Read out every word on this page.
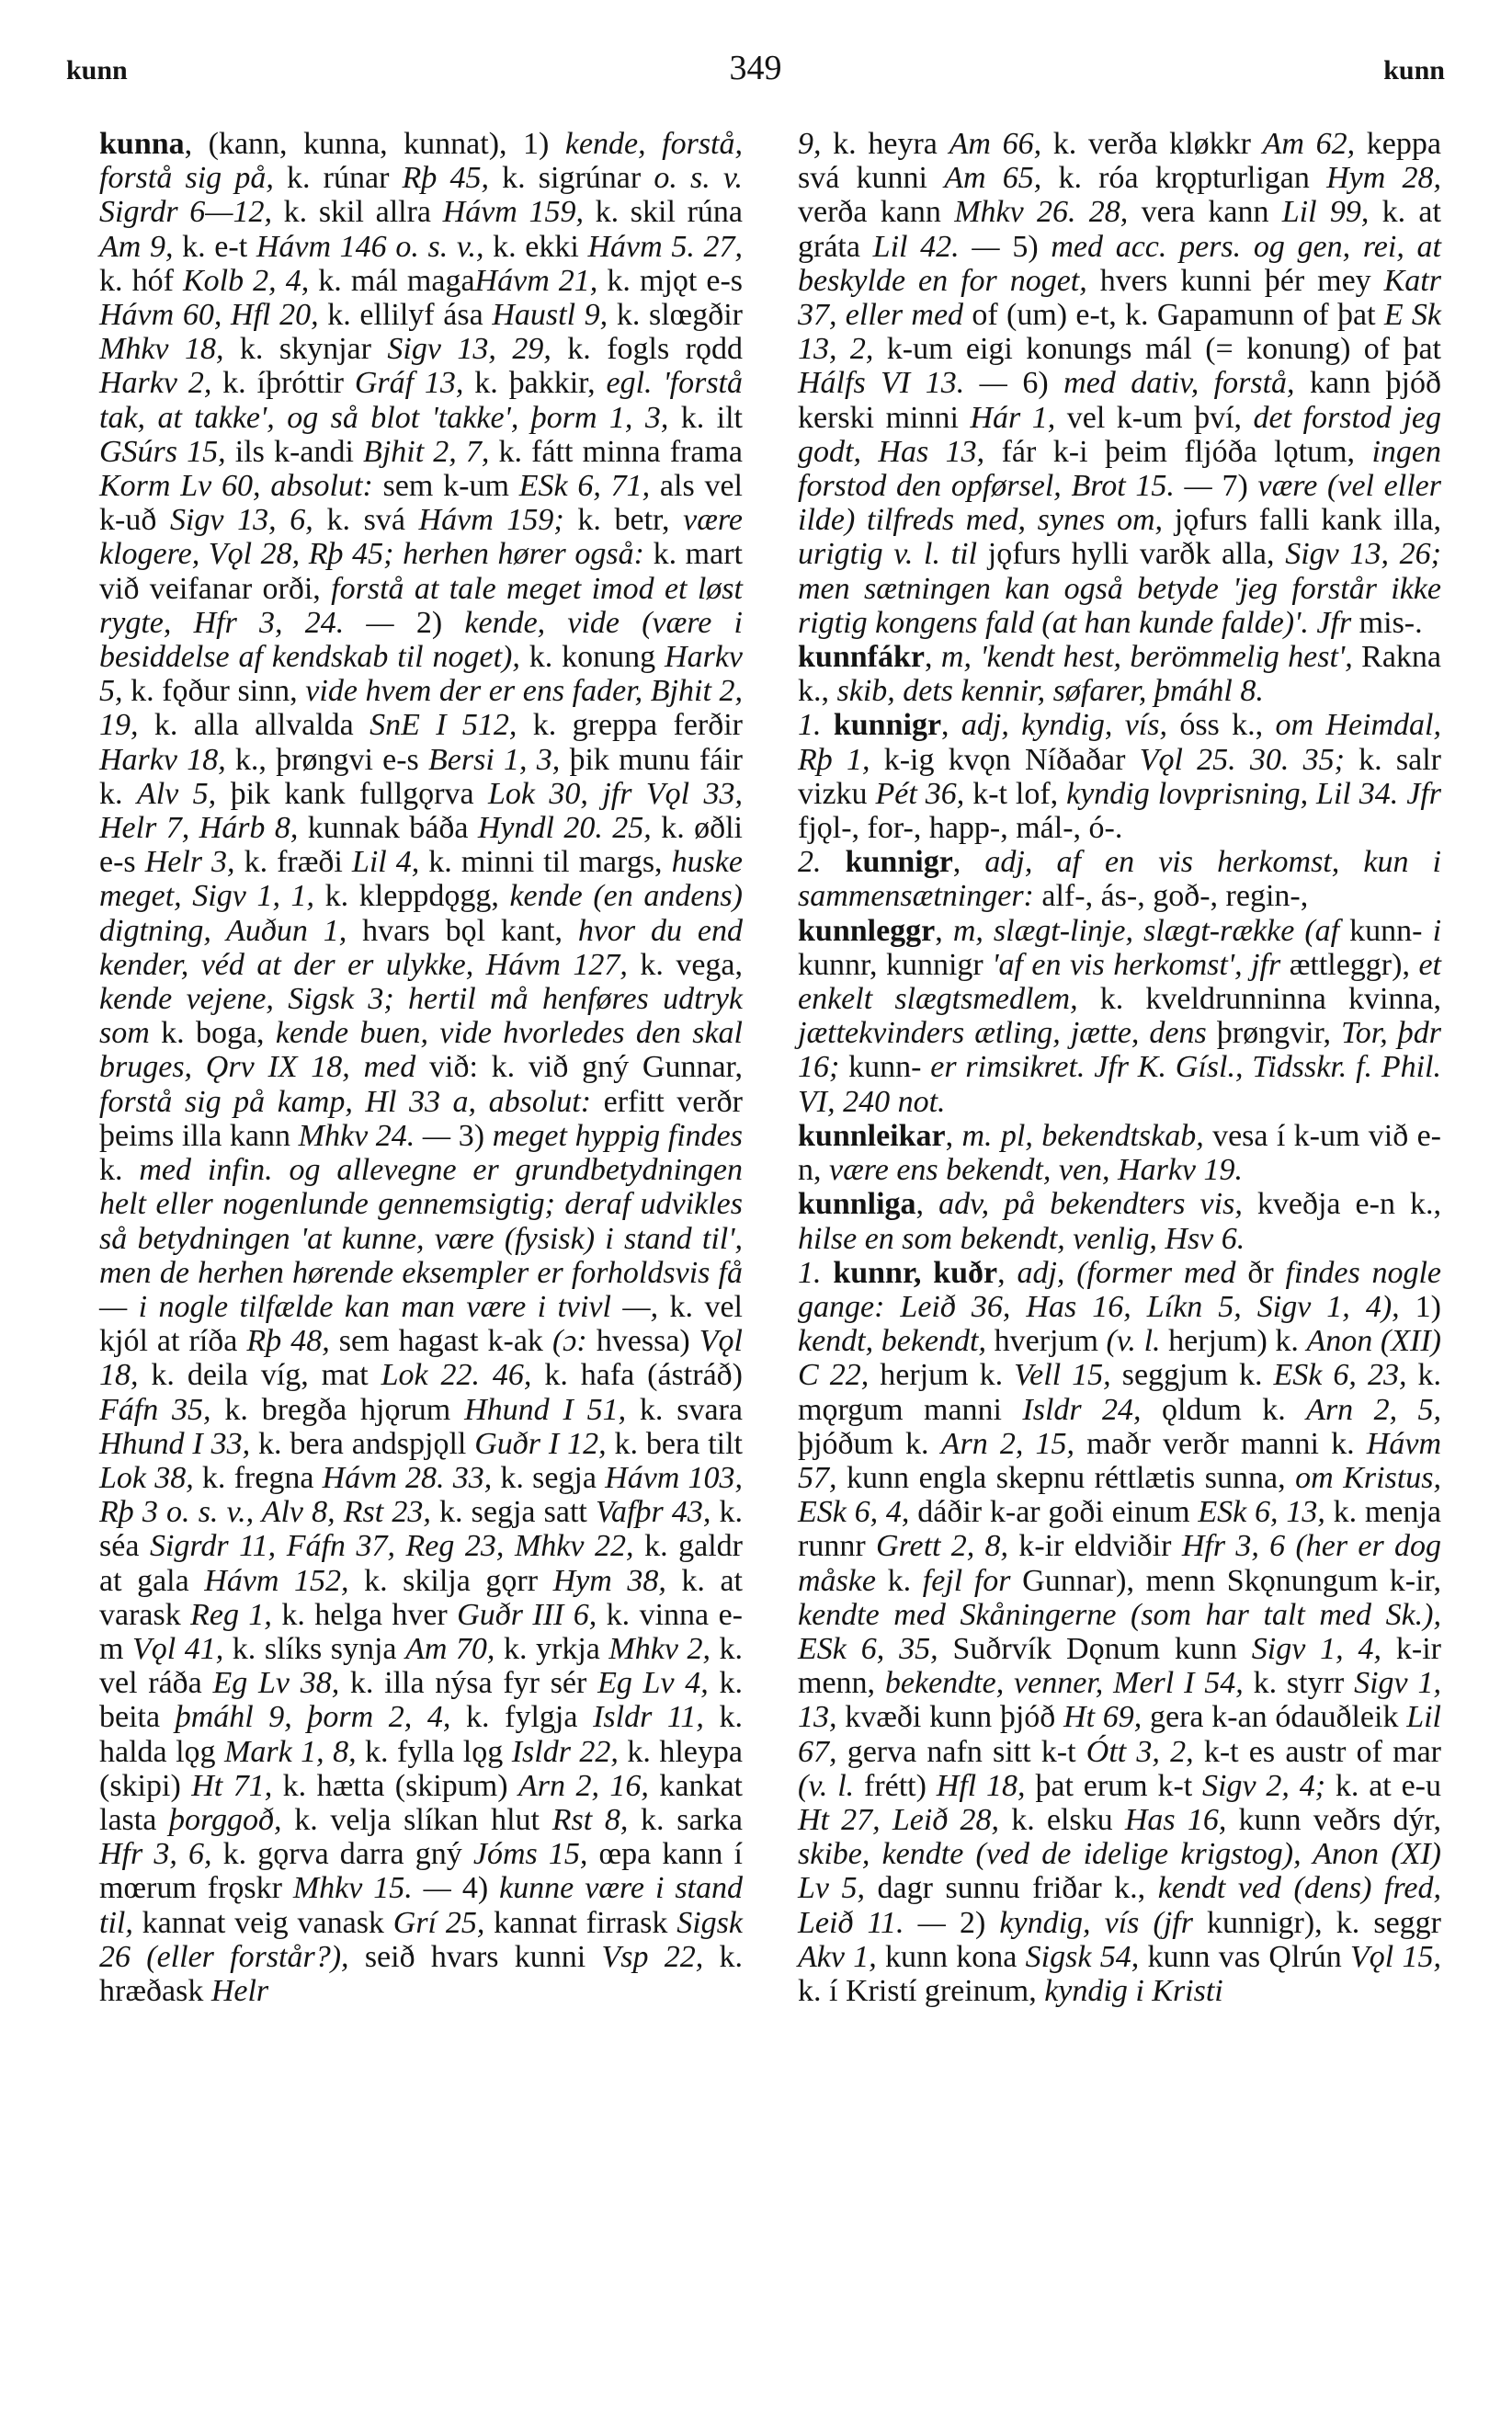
kunn	349	kunn

kunna, (kann, kunna, kunnat), 1) kende, forstå, forstå sig på, k. rúnar Rþ 45, k. sigrúnar o. s. v. Sigrdr 6—12, k. skil allra Hávm 159, k. skil rúna Am 9, k. e-t Hávm 146 o. s. v., k. ekki Hávm 5. 27, k. hóf Kolb 2, 4, k. mál magaHávm 21, k. mjǫt e-s Hávm 60, Hfl 20, k. ellilyf ása Haustl 9, k. slœgðir Mhkv 18, k. skynjar Sigv 13, 29, k. fogls rǫdd Harkv 2, k. íþróttir Gráf 13, k. þakkir, egl. 'forstå tak, at takke', og så blot 'takke', þorm 1, 3, k. ilt GSúrs 15, ils k-andi Bjhit 2, 7, k. fátt minna frama Korm Lv 60, absolut: sem k-um ESk 6, 71, als vel k-uð Sigv 13, 6, k. svá Hávm 159; k. betr, være klogere, Vǫl 28, Rþ 45; herhen hører også: k. mart við veifanar orði, forstå at tale meget imod et løst rygte, Hfr 3, 24. — 2) kende, vide (være i besiddelse af kendskab til noget), k. konung Harkv 5, k. fǫður sinn, vide hvem der er ens fader, Bjhit 2, 19, k. alla allvalda SnE I 512, k. greppa ferðir Harkv 18, k., þrøngvi e-s Bersi 1, 3, þik munu fáir k. Alv 5, þik kank fullgǫrva Lok 30, jfr Vǫl 33, Helr 7, Hárb 8, kunnak báða Hyndl 20. 25, k. øðli e-s Helr 3, k. fræði Lil 4, k. minni til margs, huske meget, Sigv 1, 1, k. kleppdǫgg, kende (en andens) digtning, Auðun 1, hvars bǫl kant, hvor du end kender, véd at der er ulykke, Hávm 127, k. vega, kende vejene, Sigsk 3; hertil må henføres udtryk som k. boga, kende buen, vide hvorledes den skal bruges, Ǫrv IX 18, med við: k. við gný Gunnar, forstå sig på kamp, Hl 33 a, absolut: erfitt verðr þeims illa kann Mhkv 24. — 3) meget hyppig findes k. med infin. og allevegne er grundbetydningen helt eller nogenlunde gennemsigtig; deraf udvikles så betydningen 'at kunne, være (fysisk) i stand til', men de herhen hørende eksempler er forholdsvis få — i nogle tilfælde kan man være i tvivl —, k. vel kjól at ríða Rþ 48, sem hagast k-ak (ɔ: hvessa) Vǫl 18, k. deila víg, mat Lok 22. 46, k. hafa (ástráð) Fáfn 35, k. bregða hjǫrum Hhund I 51, k. svara Hhund I 33, k. bera andspjǫll Guðr I 12, k. bera tilt Lok 38, k. fregna Hávm 28. 33, k. segja Hávm 103, Rþ 3 o. s. v., Alv 8, Rst 23, k. segja satt Vafþr 43, k. séa Sigrdr 11, Fáfn 37, Reg 23, Mhkv 22, k. galdr at gala Hávm 152, k. skilja gǫrr Hym 38, k. at varask Reg 1, k. helga hver Guðr III 6, k. vinna e-m Vǫl 41, k. slíks synja Am 70, k. yrkja Mhkv 2, k. vel ráða Eg Lv 38, k. illa nýsa fyr sér Eg Lv 4, k. beita þmáhl 9, þorm 2, 4, k. fylgja Isldr 11, k. halda lǫg Mark 1, 8, k. fylla lǫg Isldr 22, k. hleypa (skipi) Ht 71, k. hætta (skipum) Arn 2, 16, kankat lasta þorggoð, k. velja slíkan hlut Rst 8, k. sarka Hfr 3, 6, k. gǫrva darra gný Jóms 15, œpa kann í mœrum frǫskr Mhkv 15. — 4) kunne være i stand til, kannat veig vanask Grí 25, kannat firrask Sigsk 26 (eller forstår?), seið hvars kunni Vsp 22, k. hræðask Helr

9, k. heyra Am 66, k. verða kløkkr Am 62, keppa svá kunni Am 65, k. róa krǫpturligan Hym 28, verða kann Mhkv 26. 28, vera kann Lil 99, k. at gráta Lil 42. — 5) med acc. pers. og gen, rei, at beskylde en for noget, hvers kunni þér mey Katr 37, eller med of (um) e-t, k. Gapamunn of þat E Sk 13, 2, k-um eigi konungs mál (= konung) of þat Hálfs VI 13. — 6) med dativ, forstå, kann þjóð kerski minni Hár 1, vel k-um því, det forstod jeg godt, Has 13, fár k-i þeim fljóða lǫtum, ingen forstod den opførsel, Brot 15. — 7) være (vel eller ilde) tilfreds med, synes om, jǫfurs falli kank illa, urigtig v. l. til jǫfurs hylli varðk alla, Sigv 13, 26; men sætningen kan også betyde 'jeg forstår ikke rigtig kongens fald (at han kunde falde)'. Jfr mis-.

kunnfákr, m, 'kendt hest, berömmelig hest', Rakna k., skib, dets kennir, søfarer, þmáhl 8.

1. kunnigr, adj, kyndig, vís, óss k., om Heimdal, Rþ 1, k-ig kvǫn Níðaðar Vǫl 25. 30. 35; k. salr vizku Pét 36, k-t lof, kyndig lovprisning, Lil 34. Jfr fjǫl-, for-, happ-, mál-, ó-.

2. kunnigr, adj, af en vis herkomst, kun i sammensætninger: alf-, ás-, goð-, regin-,

kunnleggr, m, slægt-linje, slægt-række (af kunn- i kunnr, kunnigr 'af en vis herkomst', jfr ættleggr), et enkelt slægtsmedlem, k. kveldrunninna kvinna, jættekvinders ætling, jætte, dens þrøngvir, Tor, þdr 16; kunn- er rimsikret. Jfr K. Gísl., Tidsskr. f. Phil. VI, 240 not.

kunnleikar, m. pl, bekendtskab, vesa í k-um við e-n, være ens bekendt, ven, Harkv 19.

kunnliga, adv, på bekendters vis, kveðja e-n k., hilse en som bekendt, venlig, Hsv 6.

1. kunnr, kuðr, adj, (former med ðr findes nogle gange: Leið 36, Has 16, Líkn 5, Sigv 1, 4), 1) kendt, bekendt, hverjum (v. l. herjum) k. Anon (XII) C 22, herjum k. Vell 15, seggjum k. ESk 6, 23, k. mǫrgum manni Isldr 24, ǫldum k. Arn 2, 5, þjóðum k. Arn 2, 15, maðr verðr manni k. Hávm 57, kunn engla skepnu réttlætis sunna, om Kristus, ESk 6, 4, dáðir k-ar goði einum ESk 6, 13, k. menja runnr Grett 2, 8, k-ir eldviðir Hfr 3, 6 (her er dog måske k. fejl for Gunnar), menn Skǫnungum k-ir, kendte med Skåningerne (som har talt med Sk.), ESk 6, 35, Suðrvík Dǫnum kunn Sigv 1, 4, k-ir menn, bekendte, venner, Merl I 54, k. styrr Sigv 1, 13, kvæði kunn þjóð Ht 69, gera k-an ódauðleik Lil 67, gerva nafn sitt k-t Ótt 3, 2, k-t es austr of mar (v. l. frétt) Hfl 18, þat erum k-t Sigv 2, 4; k. at e-u Ht 27, Leið 28, k. elsku Has 16, kunn veðrs dýr, skibe, kendte (ved de idelige krigstog), Anon (XI) Lv 5, dagr sunnu friðar k., kendt ved (dens) fred, Leið 11. — 2) kyndig, vís (jfr kunnigr), k. seggr Akv 1, kunn kona Sigsk 54, kunn vas Ǫlrún Vǫl 15, k. í Kristí greinum, kyndig i Kristi
